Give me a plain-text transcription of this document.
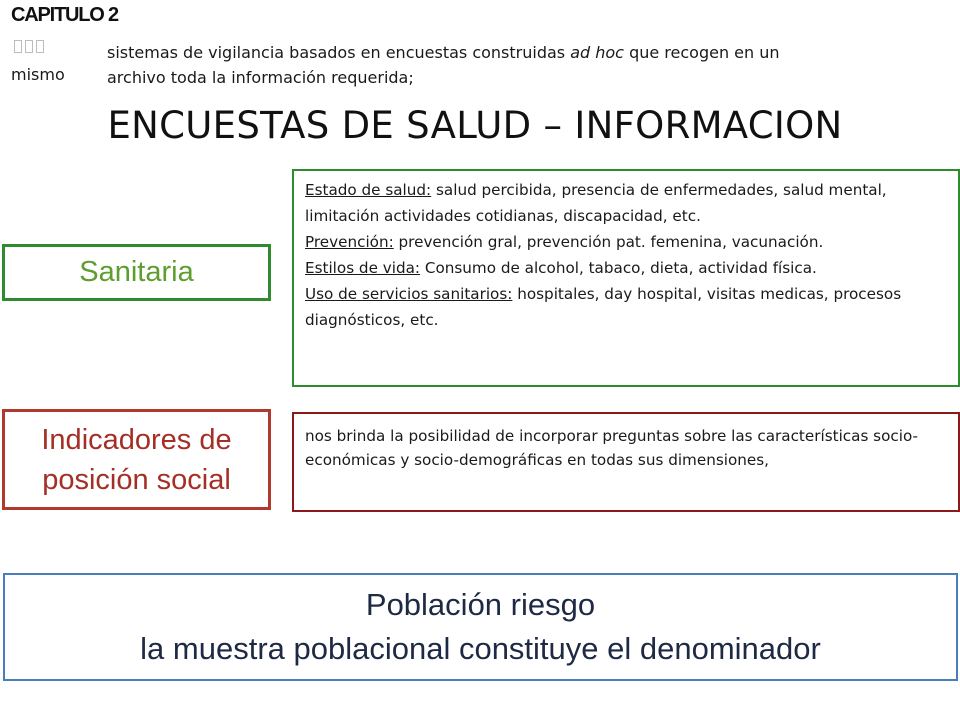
CAPITULO 2
mismo
sistemas de vigilancia basados en encuestas construidas ad hoc que recogen en un
archivo toda la información requerida;
ENCUESTAS DE SALUD – INFORMACION
Sanitaria
Estado de salud: salud percibida, presencia de enfermedades, salud mental, limitación actividades cotidianas, discapacidad, etc.
Prevención: prevención gral, prevención pat. femenina, vacunación.
Estilos de vida: Consumo de alcohol, tabaco, dieta, actividad física.
Uso de servicios sanitarios: hospitales, day hospital, visitas medicas, procesos diagnósticos, etc.
Indicadores de
posición social
nos brinda la posibilidad de incorporar preguntas sobre las características socio-económicas y socio-demográficas en todas sus dimensiones,
Población riesgo
la muestra poblacional constituye el denominador
